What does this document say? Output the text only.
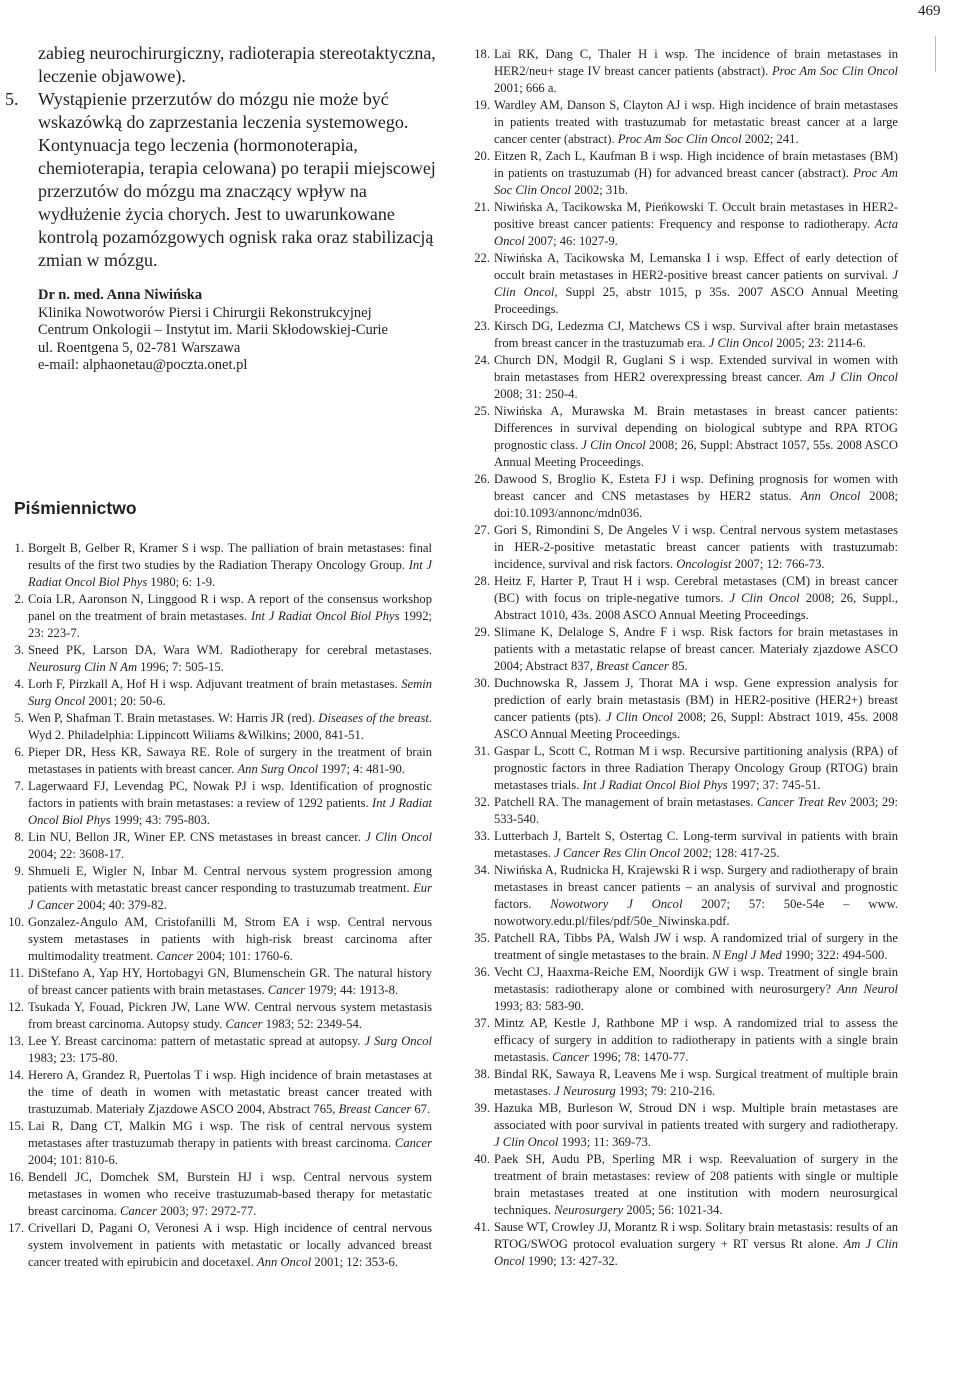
469

zabieg neurochirurgiczny, radioterapia stereotaktyczna, leczenie objawowe).

5.	Wystąpienie przerzutów do mózgu nie może być wskazówką do zaprzestania leczenia systemowego. Kontynuacja tego leczenia (hormonoterapia, chemioterapia, terapia celowana) po terapii miejscowej przerzutów do mózgu ma znaczący wpływ na wydłużenie życia chorych. Jest to uwarunkowane kontrolą pozamózgowych ognisk raka oraz stabilizacją zmian w mózgu.
Dr n. med. Anna Niwińska
Klinika Nowotworów Piersi i Chirurgii Rekonstrukcyjnej
Centrum Onkologii – Instytut im. Marii Skłodowskiej-Curie
ul. Roentgena 5, 02-781 Warszawa
e-mail: alphaonetau@poczta.onet.pl
Piśmiennictwo
1. Borgelt B, Gelber R, Kramer S i wsp. The palliation of brain metastases: final results of the first two studies by the Radiation Therapy Oncology Group. Int J Radiat Oncol Biol Phys 1980; 6: 1-9.
2. Coia LR, Aaronson N, Linggood R i wsp. A report of the consensus workshop panel on the treatment of brain metastases. Int J Radiat Oncol Biol Phys 1992; 23: 223-7.
3. Sneed PK, Larson DA, Wara WM. Radiotherapy for cerebral metastases. Neurosurg Clin N Am 1996; 7: 505-15.
4. Lorh F, Pirzkall A, Hof H i wsp. Adjuvant treatment of brain metastases. Semin Surg Oncol 2001; 20: 50-6.
5. Wen P, Shafman T. Brain metastases. W: Harris JR (red). Diseases of the breast. Wyd 2. Philadelphia: Lippincott Wiliams &Wilkins; 2000, 841-51.
6. Pieper DR, Hess KR, Sawaya RE. Role of surgery in the treatment of brain metastases in patients with breast cancer. Ann Surg Oncol 1997; 4: 481-90.
7. Lagerwaard FJ, Levendag PC, Nowak PJ i wsp. Identification of prognostic factors in patients with brain metastases: a review of 1292 patients. Int J Radiat Oncol Biol Phys 1999; 43: 795-803.
8. Lin NU, Bellon JR, Winer EP. CNS metastases in breast cancer. J Clin Oncol 2004; 22: 3608-17.
9. Shmueli E, Wigler N, Inbar M. Central nervous system progression among patients with metastatic breast cancer responding to trastuzumab treatment. Eur J Cancer 2004; 40: 379-82.
10. Gonzalez-Angulo AM, Cristofanilli M, Strom EA i wsp. Central nervous system metastases in patients with high-risk breast carcinoma after multimodality treatment. Cancer 2004; 101: 1760-6.
11. DiStefano A, Yap HY, Hortobagyi GN, Blumenschein GR. The natural history of breast cancer patients with brain metastases. Cancer 1979; 44: 1913-8.
12. Tsukada Y, Fouad, Pickren JW, Lane WW. Central nervous system metastasis from breast carcinoma. Autopsy study. Cancer 1983; 52: 2349-54.
13. Lee Y. Breast carcinoma: pattern of metastatic spread at autopsy. J Surg Oncol 1983; 23: 175-80.
14. Herero A, Grandez R, Puertolas T i wsp. High incidence of brain metastases at the time of death in women with metastatic breast cancer treated with trastuzumab. Materiały Zjazdowe ASCO 2004, Abstract 765, Breast Cancer 67.
15. Lai R, Dang CT, Malkin MG i wsp. The risk of central nervous system metastases after trastuzumab therapy in patients with breast carcinoma. Cancer 2004; 101: 810-6.
16. Bendell JC, Domchek SM, Burstein HJ i wsp. Central nervous system metastases in women who receive trastuzumab-based therapy for metastatic breast carcinoma. Cancer 2003; 97: 2972-77.
17. Crivellari D, Pagani O, Veronesi A i wsp. High incidence of central nervous system involvement in patients with metastatic or locally advanced breast cancer treated with epirubicin and docetaxel. Ann Oncol 2001; 12: 353-6.
18. Lai RK, Dang C, Thaler H i wsp. The incidence of brain metastases in HER2/neu+ stage IV breast cancer patients (abstract). Proc Am Soc Clin Oncol 2001; 666 a.
19. Wardley AM, Danson S, Clayton AJ i wsp. High incidence of brain metastases in patients treated with trastuzumab for metastatic breast cancer at a large cancer center (abstract). Proc Am Soc Clin Oncol 2002; 241.
20. Eitzen R, Zach L, Kaufman B i wsp. High incidence of brain metastases (BM) in patients on trastuzumab (H) for advanced breast cancer (abstract). Proc Am Soc Clin Oncol 2002; 31b.
21. Niwińska A, Tacikowska M, Pieńkowski T. Occult brain metastases in HER2-positive breast cancer patients: Frequency and response to radiotherapy. Acta Oncol 2007; 46: 1027-9.
22. Niwińska A, Tacikowska M, Lemanska I i wsp. Effect of early detection of occult brain metastases in HER2-positive breast cancer patients on survival. J Clin Oncol, Suppl 25, abstr 1015, p 35s. 2007 ASCO Annual Meeting Proceedings.
23. Kirsch DG, Ledezma CJ, Matchews CS i wsp. Survival after brain metastases from breast cancer in the trastuzumab era. J Clin Oncol 2005; 23: 2114-6.
24. Church DN, Modgil R, Guglani S i wsp. Extended survival in women with brain metastases from HER2 overexpressing breast cancer. Am J Clin Oncol 2008; 31: 250-4.
25. Niwińska A, Murawska M. Brain metastases in breast cancer patients: Differences in survival depending on biological subtype and RPA RTOG prognostic class. J Clin Oncol 2008; 26, Suppl: Abstract 1057, 55s. 2008 ASCO Annual Meeting Proceedings.
26. Dawood S, Broglio K, Esteta FJ i wsp. Defining prognosis for women with breast cancer and CNS metastases by HER2 status. Ann Oncol 2008; doi:10.1093/annonc/mdn036.
27. Gori S, Rimondini S, De Angeles V i wsp. Central nervous system metastases in HER-2-positive metastatic breast cancer patients with trastuzumab: incidence, survival and risk factors. Oncologist 2007; 12: 766-73.
28. Heitz F, Harter P, Traut H i wsp. Cerebral metastases (CM) in breast cancer (BC) with focus on triple-negative tumors. J Clin Oncol 2008; 26, Suppl., Abstract 1010, 43s. 2008 ASCO Annual Meeting Proceedings.
29. Slimane K, Delaloge S, Andre F i wsp. Risk factors for brain metastases in patients with a metastatic relapse of breast cancer. Materiały zjazdowe ASCO 2004; Abstract 837, Breast Cancer 85.
30. Duchnowska R, Jassem J, Thorat MA i wsp. Gene expression analysis for prediction of early brain metastasis (BM) in HER2-positive (HER2+) breast cancer patients (pts). J Clin Oncol 2008; 26, Suppl: Abstract 1019, 45s. 2008 ASCO Annual Meeting Proceedings.
31. Gaspar L, Scott C, Rotman M i wsp. Recursive partitioning analysis (RPA) of prognostic factors in three Radiation Therapy Oncology Group (RTOG) brain metastases trials. Int J Radiat Oncol Biol Phys 1997; 37: 745-51.
32. Patchell RA. The management of brain metastases. Cancer Treat Rev 2003; 29: 533-540.
33. Lutterbach J, Bartelt S, Ostertag C. Long-term survival in patients with brain metastases. J Cancer Res Clin Oncol 2002; 128: 417-25.
34. Niwińska A, Rudnicka H, Krajewski R i wsp. Surgery and radiotherapy of brain metastases in breast cancer patients – an analysis of survival and prognostic factors. Nowotwory J Oncol 2007; 57: 50e-54e – www. nowotwory.edu.pl/files/pdf/50e_Niwinska.pdf.
35. Patchell RA, Tibbs PA, Walsh JW i wsp. A randomized trial of surgery in the treatment of single metastases to the brain. N Engl J Med 1990; 322: 494-500.
36. Vecht CJ, Haaxma-Reiche EM, Noordijk GW i wsp. Treatment of single brain metastasis: radiotherapy alone or combined with neurosurgery? Ann Neurol 1993; 83: 583-90.
37. Mintz AP, Kestle J, Rathbone MP i wsp. A randomized trial to assess the efficacy of surgery in addition to radiotherapy in patients with a single brain metastasis. Cancer 1996; 78: 1470-77.
38. Bindal RK, Sawaya R, Leavens Me i wsp. Surgical treatment of multiple brain metastases. J Neurosurg 1993; 79: 210-216.
39. Hazuka MB, Burleson W, Stroud DN i wsp. Multiple brain metastases are associated with poor survival in patients treated with surgery and radiotherapy. J Clin Oncol 1993; 11: 369-73.
40. Paek SH, Audu PB, Sperling MR i wsp. Reevaluation of surgery in the treatment of brain metastases: review of 208 patients with single or multiple brain metastases treated at one institution with modern neurosurgical techniques. Neurosurgery 2005; 56: 1021-34.
41. Sause WT, Crowley JJ, Morantz R i wsp. Solitary brain metastasis: results of an RTOG/SWOG protocol evaluation surgery + RT versus Rt alone. Am J Clin Oncol 1990; 13: 427-32.
